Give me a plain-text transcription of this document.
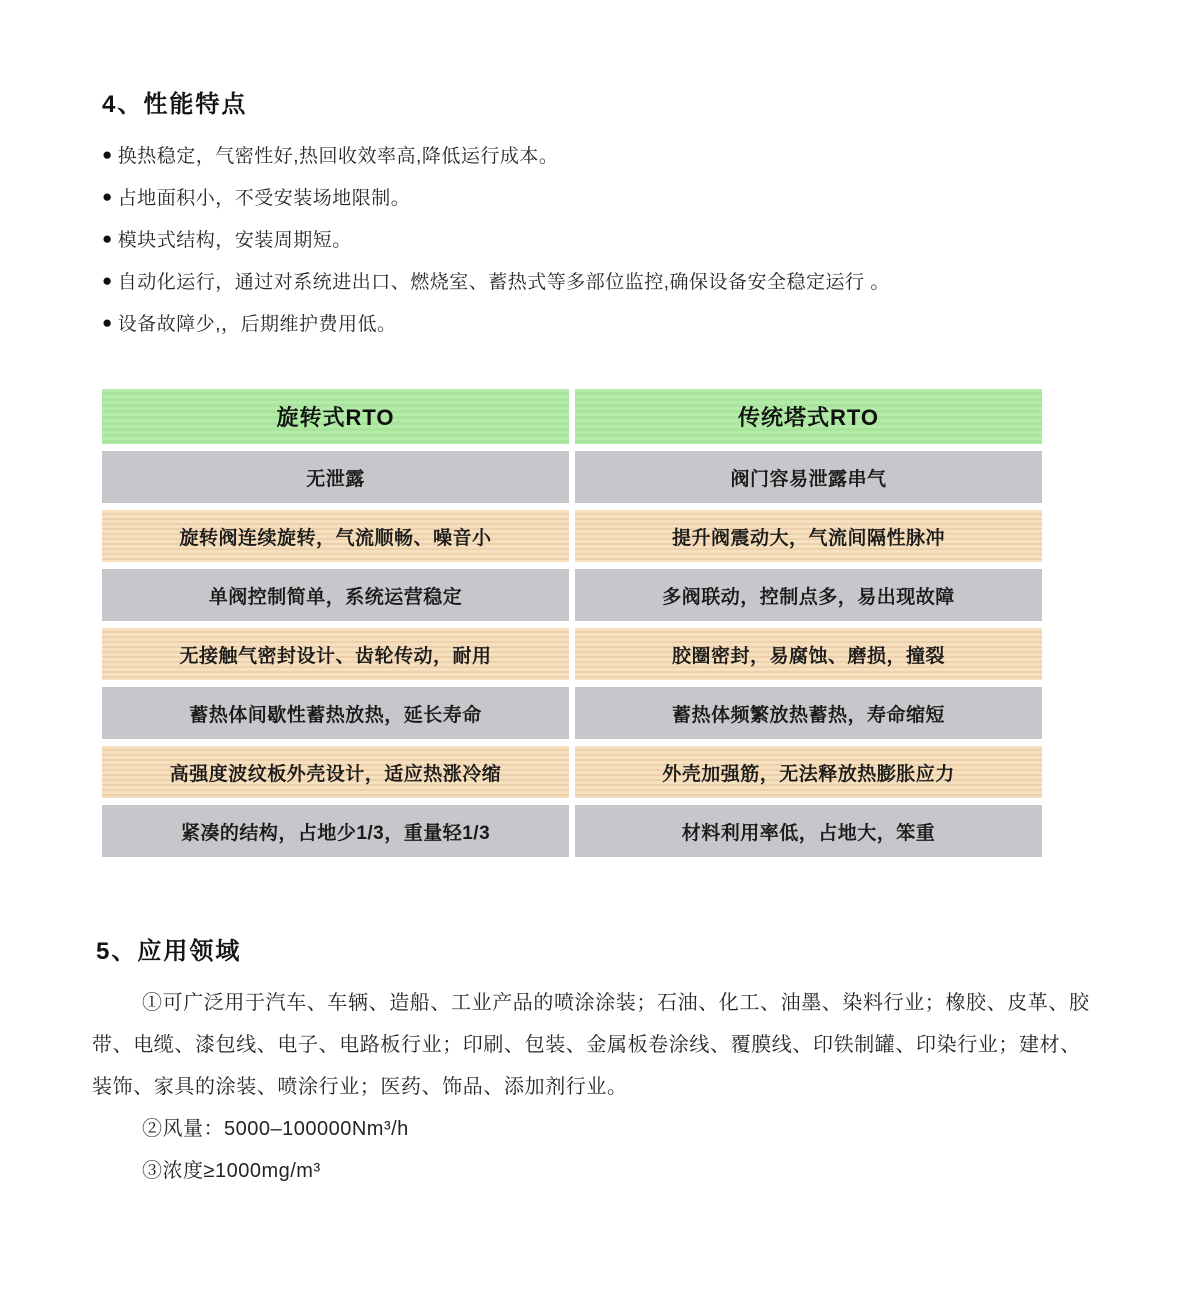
4、性能特点
● 换热稳定，气密性好,热回收效率高,降低运行成本。
● 占地面积小，不受安装场地限制。
● 模块式结构，安装周期短。
● 自动化运行，通过对系统进出口、燃烧室、蓄热式等多部位监控,确保设备安全稳定运行 。
● 设备故障少,，后期维护费用低。
旋转式RTO
无泄露
旋转阀连续旋转，气流顺畅、噪音小
单阀控制简单，系统运营稳定
无接触气密封设计、齿轮传动，耐用
蓄热体间歇性蓄热放热，延长寿命
高强度波纹板外壳设计，适应热涨冷缩
紧凑的结构，占地少1/3，重量轻1/3
传统塔式RTO
阀门容易泄露串气
提升阀震动大，气流间隔性脉冲
多阀联动，控制点多，易出现故障
胶圈密封，易腐蚀、磨损，撞裂
蓄热体频繁放热蓄热，寿命缩短
外壳加强筋，无法释放热膨胀应力
材料利用率低，占地大，笨重
5、应用领域
①可广泛用于汽车、车辆、造船、工业产品的喷涂涂装；石油、化工、油墨、染料行业；橡胶、皮革、胶
带、电缆、漆包线、电子、电路板行业；印刷、包装、金属板卷涂线、覆膜线、印铁制罐、印染行业；建材、
装饰、家具的涂装、喷涂行业；医药、饰品、添加剂行业。
②风量：5000–100000Nm³/h
③浓度≥1000mg/m³
